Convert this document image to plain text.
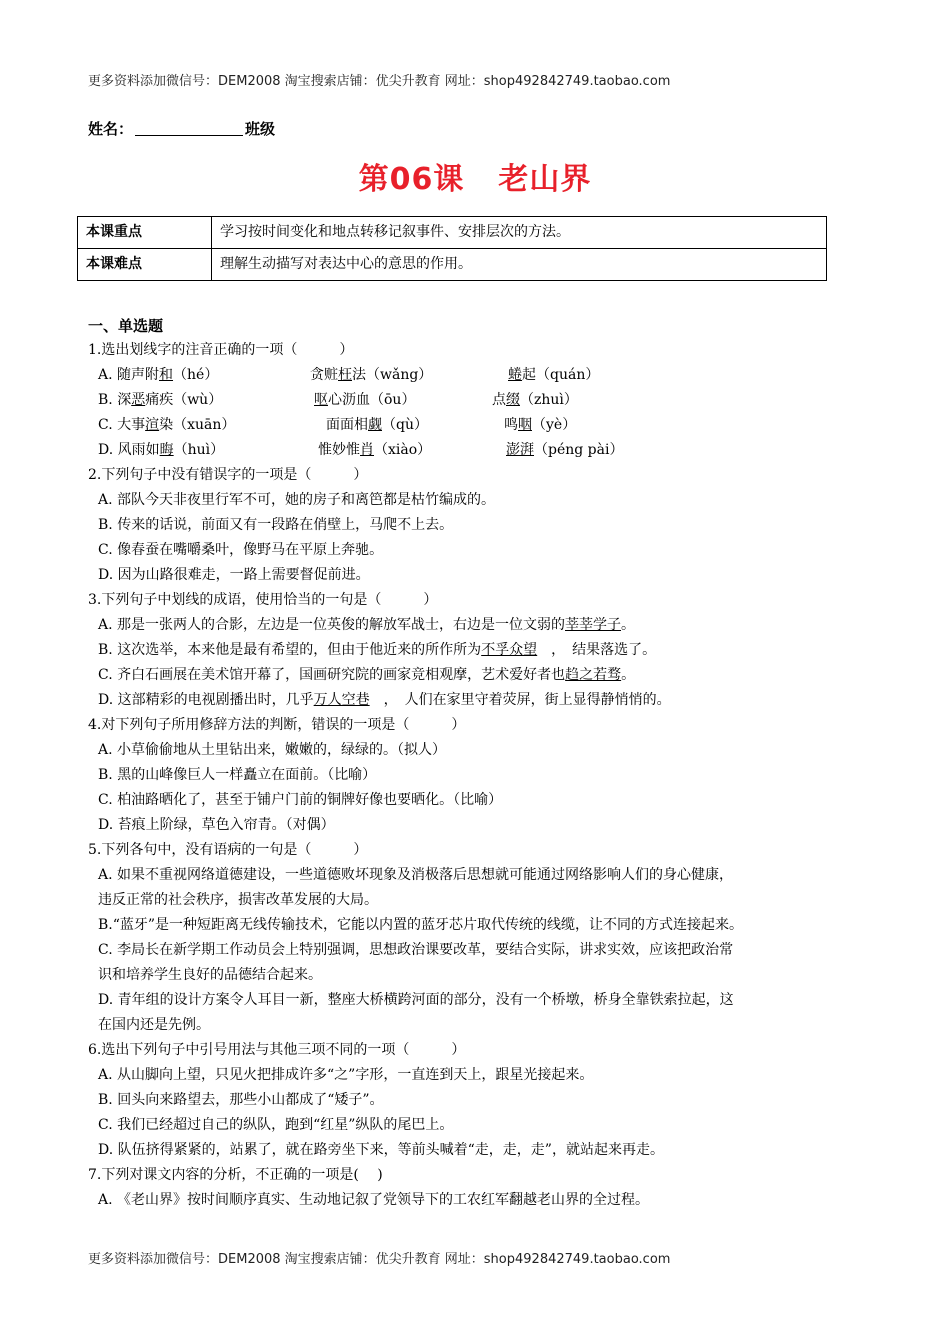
更多资料添加微信号：DEM2008 淘宝搜索店铺：优尖升教育 网址：shop492842749.taobao.com
姓名：	班级
第06课 老山界
本课重点	学习按时间变化和地点转移记叙事件、安排层次的方法。
本课难点	理解生动描写对表达中心的意思的作用。
一、单选题
1.选出划线字的注音正确的一项（　　　）
A. 随声附和（hé）	贪赃枉法（wǎng）	蜷起（quán）
B. 深恶痛疾（wù）	呕心沥血（ōu）	点缀（zhuì）
C. 大事渲染（xuān）	面面相觑（qù）	鸣咽（yè）
D. 风雨如晦（huì）	惟妙惟肖（xiào）	澎湃（péng pài）
2.下列句子中没有错误字的一项是（　　　）
A. 部队今天非夜里行军不可，她的房子和离笆都是枯竹编成的。
B. 传来的话说，前面又有一段路在俏壁上，马爬不上去。
C. 像春蚕在嘴嚼桑叶，像野马在平原上奔驰。
D. 因为山路很难走，一路上需要督促前进。
3.下列句子中划线的成语，使用恰当的一句是（　　　）
A. 那是一张两人的合影，左边是一位英俊的解放军战士，右边是一位文弱的莘莘学子。
B. 这次选举，本来他是最有希望的，但由于他近来的所作所为不孚众望　，　结果落选了。
C. 齐白石画展在美术馆开幕了，国画研究院的画家竞相观摩，艺术爱好者也趋之若骛。
D. 这部精彩的电视剧播出时，几乎万人空巷　，　人们在家里守着荧屏，街上显得静悄悄的。
4.对下列句子所用修辞方法的判断，错误的一项是（　　　）
A. 小草偷偷地从土里钻出来，嫩嫩的，绿绿的。（拟人）
B. 黑的山峰像巨人一样矗立在面前。（比喻）
C. 柏油路晒化了，甚至于铺户门前的铜牌好像也要晒化。（比喻）
D. 苔痕上阶绿，草色入帘青。（对偶）
5.下列各句中，没有语病的一句是（　　　）
A. 如果不重视网络道德建设，一些道德败坏现象及消极落后思想就可能通过网络影响人们的身心健康，
违反正常的社会秩序，损害改革发展的大局。
B.“蓝牙”是一种短距离无线传输技术，它能以内置的蓝牙芯片取代传统的线缆，让不同的方式连接起来。
C. 李局长在新学期工作动员会上特别强调，思想政治课要改革，要结合实际，讲求实效，应该把政治常
识和培养学生良好的品德结合起来。
D. 青年组的设计方案令人耳目一新，整座大桥横跨河面的部分，没有一个桥墩，桥身全靠铁索拉起，这
在国内还是先例。
6.选出下列句子中引号用法与其他三项不同的一项（　　　）
A. 从山脚向上望，只见火把排成许多“之”字形，一直连到天上，跟星光接起来。
B. 回头向来路望去，那些小山都成了“矮子”。
C. 我们已经超过自己的纵队，跑到“红星”纵队的尾巴上。
D. 队伍挤得紧紧的，站累了，就在路旁坐下来，等前头喊着“走，走，走”，就站起来再走。
7.下列对课文内容的分析，不正确的一项是(　 )
A. 《老山界》按时间顺序真实、生动地记叙了党领导下的工农红军翻越老山界的全过程。
更多资料添加微信号：DEM2008 淘宝搜索店铺：优尖升教育 网址：shop492842749.taobao.com
